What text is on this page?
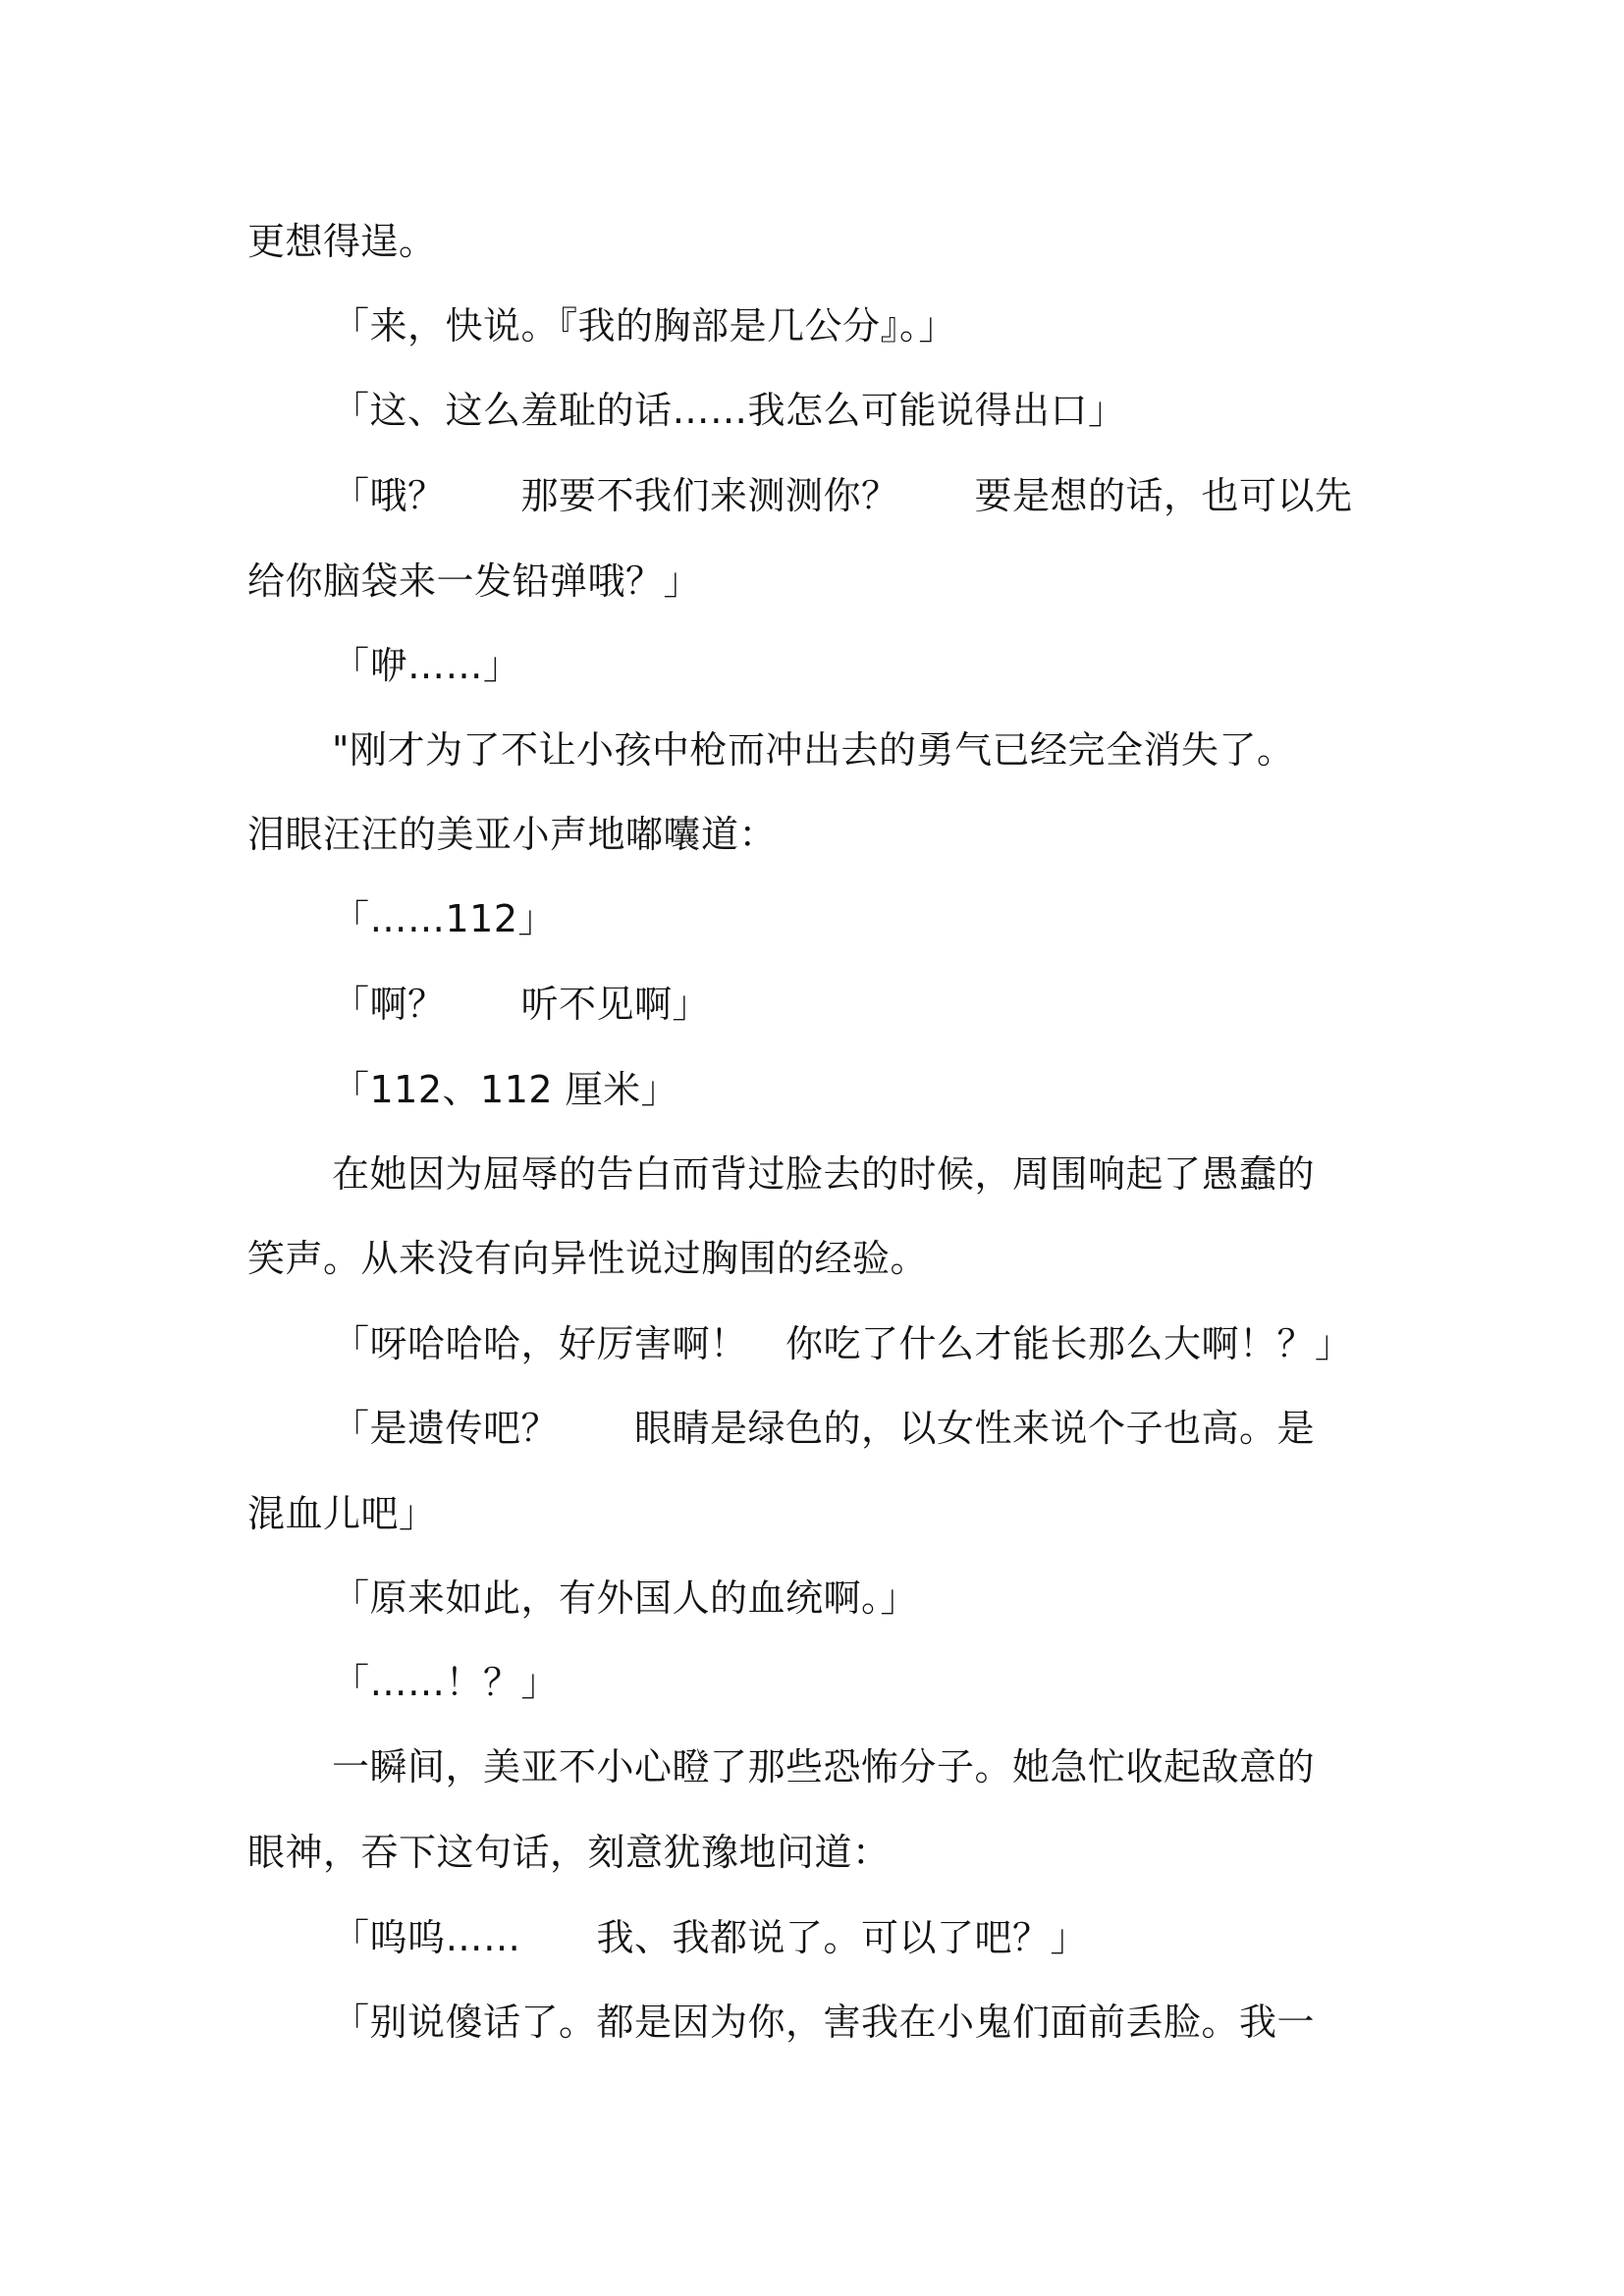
更想得逞。
「来，快说。『我的胸部是几公分』。」
「这、这么羞耻的话……我怎么可能说得出口」
「哦？　　那要不我们来测测你？　　要是想的话，也可以先
给你脑袋来一发铅弹哦？」
「咿……」
"刚才为了不让小孩中枪而冲出去的勇气已经完全消失了。
泪眼汪汪的美亚小声地嘟囔道：
「……112」
「啊？　　听不见啊」
「112、112 厘米」
在她因为屈辱的告白而背过脸去的时候，周围响起了愚蠢的
笑声。从来没有向异性说过胸围的经验。
「呀哈哈哈，好厉害啊！　你吃了什么才能长那么大啊！？」
「是遗传吧？　　眼睛是绿色的，以女性来说个子也高。是
混血儿吧」
「原来如此，有外国人的血统啊。」
「……！？」
一瞬间，美亚不小心瞪了那些恐怖分子。她急忙收起敌意的
眼神，吞下这句话，刻意犹豫地问道：
「呜呜……　　我、我都说了。可以了吧？」
「别说傻话了。都是因为你，害我在小鬼们面前丢脸。我一
